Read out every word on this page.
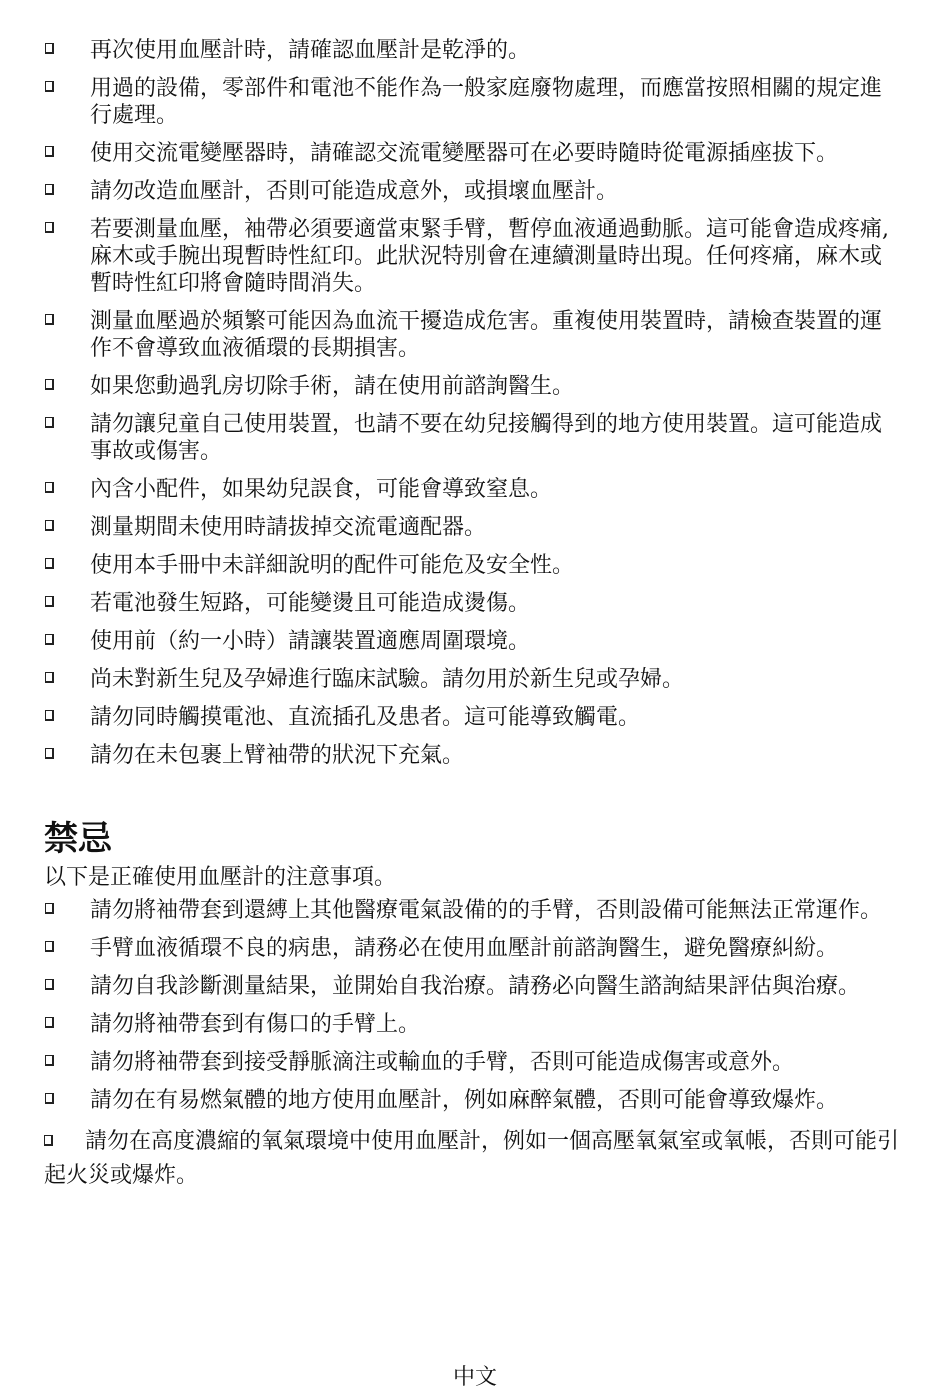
再次使用血壓計時，請確認血壓計是乾淨的。
用過的設備，零部件和電池不能作為一般家庭廢物處理，而應當按照相關的規定進行處理。
使用交流電變壓器時，請確認交流電變壓器可在必要時隨時從電源插座拔下。
請勿改造血壓計，否則可能造成意外，或損壞血壓計。
若要測量血壓，袖帶必須要適當束緊手臂，暫停血液通過動脈。這可能會造成疼痛,麻木或手腕出現暫時性紅印。此狀況特別會在連續測量時出現。任何疼痛，麻木或暫時性紅印將會隨時間消失。
測量血壓過於頻繁可能因為血流干擾造成危害。重複使用裝置時，請檢查裝置的運作不會導致血液循環的長期損害。
如果您動過乳房切除手術，請在使用前諮詢醫生。
請勿讓兒童自己使用裝置，也請不要在幼兒接觸得到的地方使用裝置。這可能造成事故或傷害。
內含小配件，如果幼兒誤食，可能會導致窒息。
測量期間未使用時請拔掉交流電適配器。
使用本手冊中未詳細說明的配件可能危及安全性。
若電池發生短路，可能變燙且可能造成燙傷。
使用前（約一小時）請讓裝置適應周圍環境。
尚未對新生兒及孕婦進行臨床試驗。請勿用於新生兒或孕婦。
請勿同時觸摸電池、直流插孔及患者。這可能導致觸電。
請勿在未包裹上臂袖帶的狀況下充氣。
禁忌

以下是正確使用血壓計的注意事項。

請勿將袖帶套到還縛上其他醫療電氣設備的的手臂，否則設備可能無法正常運作。
手臂血液循環不良的病患，請務必在使用血壓計前諮詢醫生，避免醫療糾紛。
請勿自我診斷測量結果，並開始自我治療。請務必向醫生諮詢結果評估與治療。
請勿將袖帶套到有傷口的手臂上。
請勿將袖帶套到接受靜脈滴注或輸血的手臂，否則可能造成傷害或意外。
請勿在有易燃氣體的地方使用血壓計，例如麻醉氣體，否則可能會導致爆炸。
請勿在高度濃縮的氧氣環境中使用血壓計，例如一個高壓氧氣室或氧帳，否則可能引起火災或爆炸。
中文
